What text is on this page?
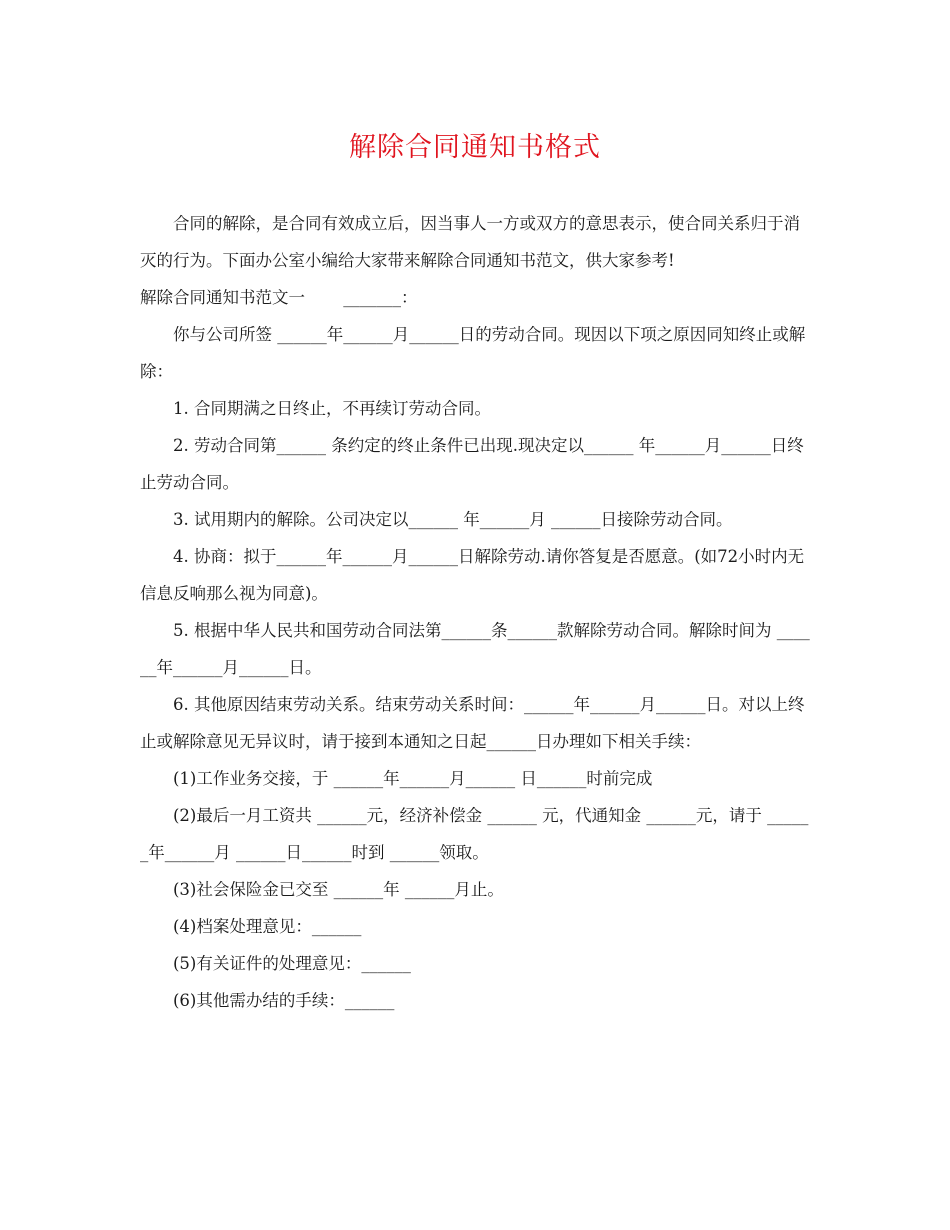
解除合同通知书格式

合同的解除，是合同有效成立后，因当事人一方或双方的意思表示，使合同关系归于消灭的行为。下面办公室小编给大家带来解除合同通知书范文，供大家参考!

解除合同通知书范文一　　 _______：

你与公司所签 ______年______月______日的劳动合同。现因以下项之原因同知终止或解除：

1. 合同期满之日终止，不再续订劳动合同。

2. 劳动合同第______ 条约定的终止条件已出现.现决定以______ 年______月______日终止劳动合同。

3. 试用期内的解除。公司决定以______ 年______月 ______日接除劳动合同。

4. 协商：拟于______年______月______日解除劳动.请你答复是否愿意。(如72小时内无信息反响那么视为同意)。

5. 根据中华人民共和国劳动合同法第______条______款解除劳动合同。解除时间为 ______年______月______日。

6. 其他原因结束劳动关系。结束劳动关系时间：______年______月______日。对以上终止或解除意见无异议时，请于接到本通知之日起______日办理如下相关手续：

(1)工作业务交接，于 ______年______月______ 日______时前完成

(2)最后一月工资共 ______元，经济补偿金 ______ 元，代通知金 ______元，请于 ______年______月 ______日______时到 ______领取。

(3)社会保险金已交至 ______年 ______月止。

(4)档案处理意见：______

(5)有关证件的处理意见：______

(6)其他需办结的手续：______
